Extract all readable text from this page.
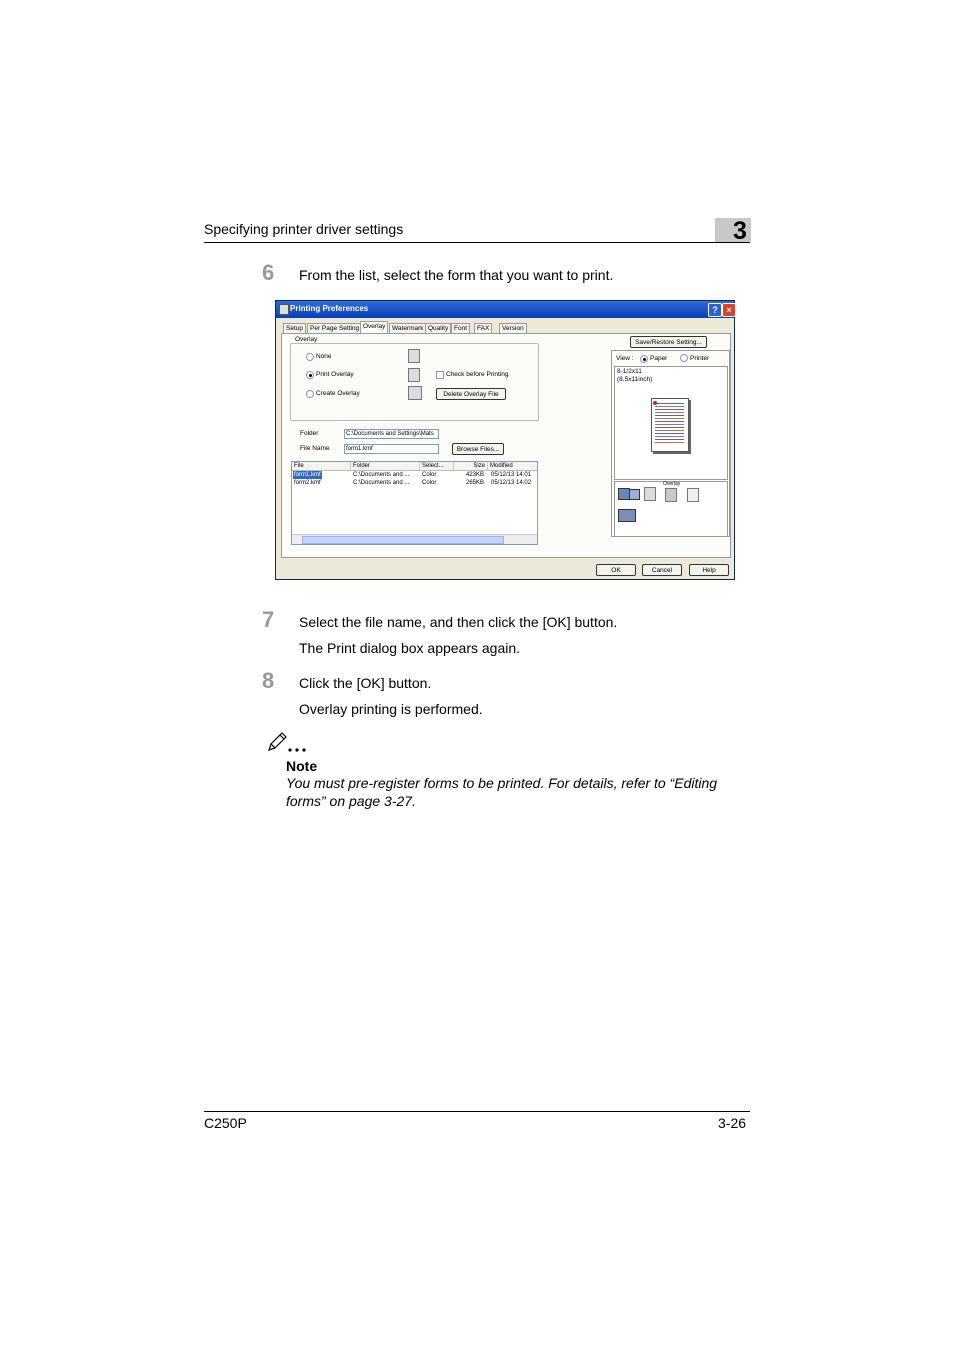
Specifying printer driver settings	3
6 From the list, select the form that you want to print.
Printing Preferences	? ×
Setup	Per Page Setting Overlay	Watermark Quality Font	FAX	Version
Overlay
None
Print Overlay
Create Overlay
Check before Printing
Delete Overlay File
Save/Restore Setting...
Folder	C:\Documents and Settings\Mats
File Name	form1.kmf	Browse Files...
File	Folder	Select...	Size Modified
form1.kmf	C:\Documents and ... Color	423KB 05/12/13 14:01
form2.kmf	C:\Documents and ... Color	265KB 05/12/13 14:02
View :	Paper	Printer
8-1/2x11
(8.5x11inch)
Overlay
OK	Cancel	Help
7 Select the file name, and then click the [OK] button.
The Print dialog box appears again.
8 Click the [OK] button.
Overlay printing is performed.
Note
You must pre-register forms to be printed. For details, refer to “Editing
forms” on page 3-27.
C250P	3-26
